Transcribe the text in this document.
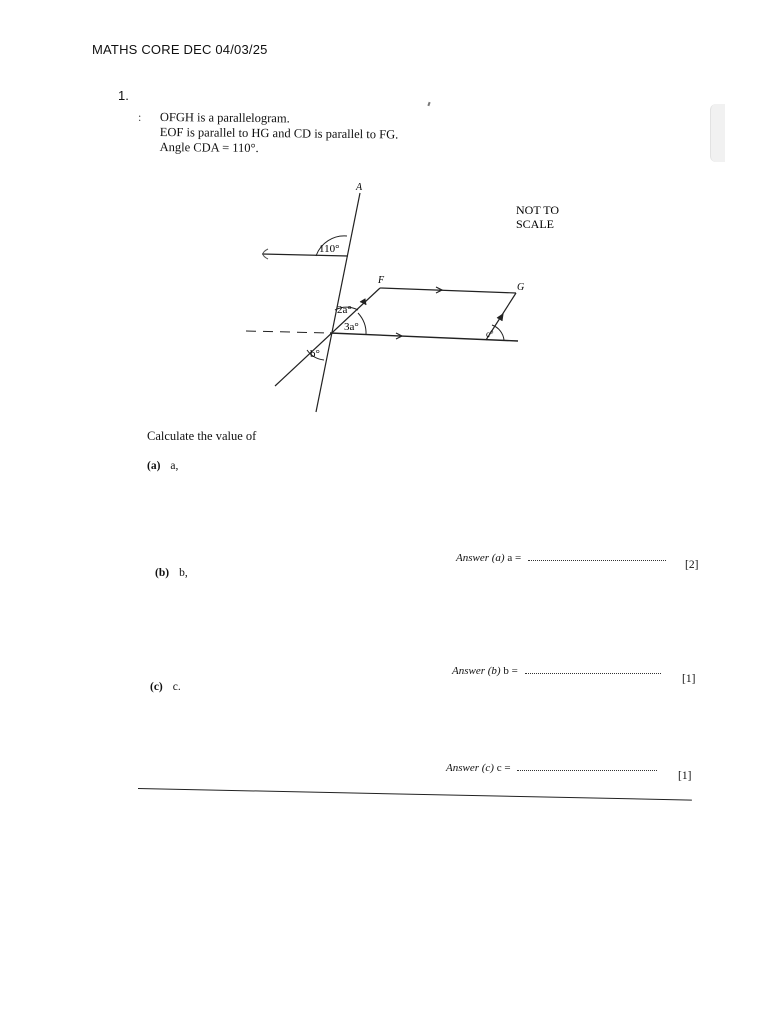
MATHS CORE DEC 04/03/25
1.
: OFGH is a parallelogram.
EOF is parallel to HG and CD is parallel to FG.
Angle CDA = 110°.
A
F
G
110°
2a°
3a°
b°
c°
NOT TO
SCALE
Calculate the value of
(a) a,
Answer (a) a =
[2]
(b) b,
Answer (b) b =
[1]
(c) c.
Answer (c) c =
[1]
